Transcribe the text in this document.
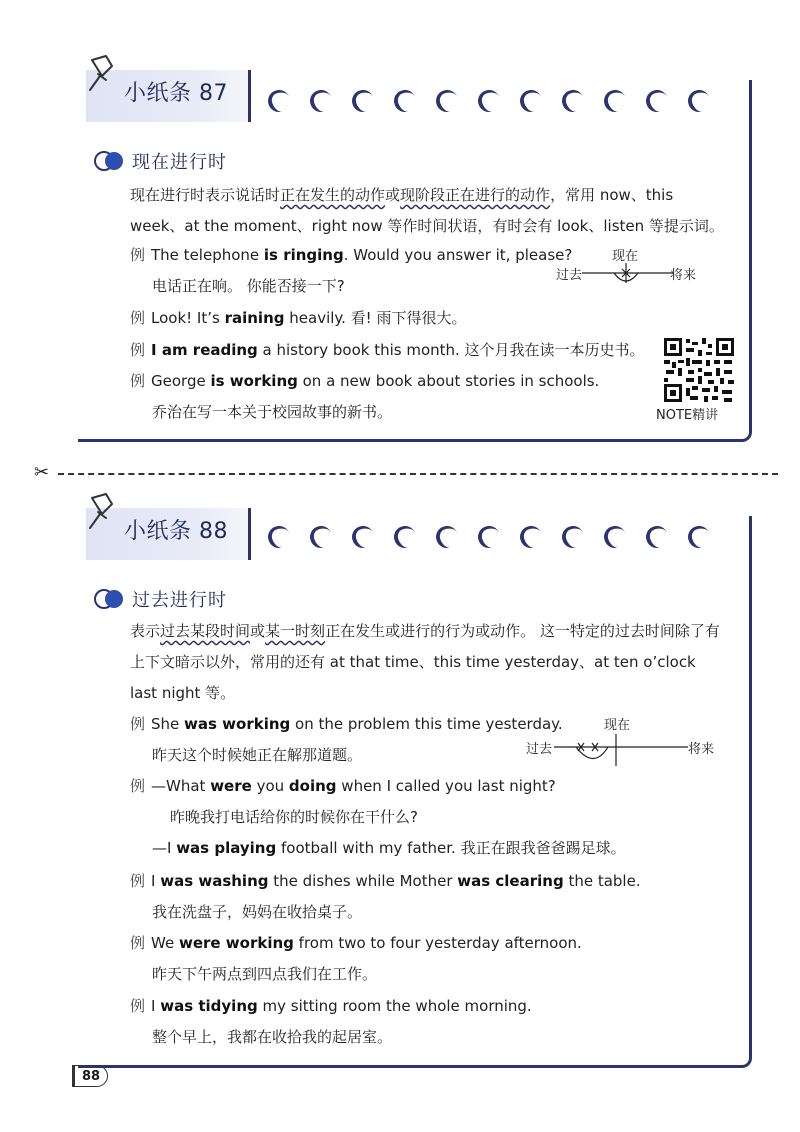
小纸条 87
现在进行时
现在进行时表示说话时正在发生的动作或现阶段正在进行的动作，常用 now、this week、at the moment、right now 等作时间状语，有时会有 look、listen 等提示词。
例 The telephone is ringing. Would you answer it, please?
电话正在响。 你能否接一下?
现在
过去	将来
例 Look! It’s raining heavily. 看! 雨下得很大。
例 I am reading a history book this month. 这个月我在读一本历史书。
例 George is working on a new book about stories in schools.
乔治在写一本关于校园故事的新书。	NOTE精讲
✂
小纸条 88
过去进行时
表示过去某段时间或某一时刻正在发生或进行的行为或动作。 这一特定的过去时间除了有上下文暗示以外，常用的还有 at that time、this time yesterday、at ten o’clock last night 等。
例 She was working on the problem this time yesterday.
昨天这个时候她正在解那道题。
现在
过去	将来
例 —What were you doing when I called you last night?
昨晚我打电话给你的时候你在干什么?
—I was playing football with my father. 我正在跟我爸爸踢足球。
例 I was washing the dishes while Mother was clearing the table.
我在洗盘子，妈妈在收拾桌子。
例 We were working from two to four yesterday afternoon.
昨天下午两点到四点我们在工作。
例 I was tidying my sitting room the whole morning.
整个早上，我都在收拾我的起居室。
88
